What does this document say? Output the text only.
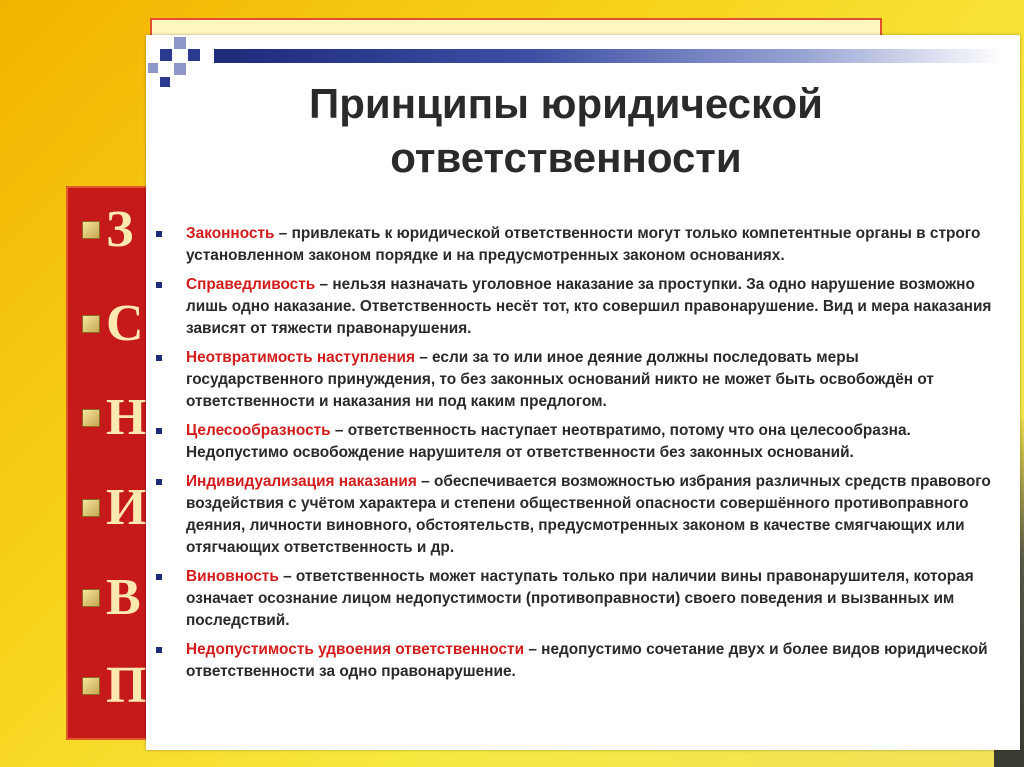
З
С
Н
И
В
П
Принципы юридической
ответственности
Законность – привлекать к юридической ответственности могут только компетентные органы в строго установленном законом порядке и на предусмотренных законом основаниях.
Справедливость – нельзя назначать уголовное наказание за проступки. За одно нарушение возможно лишь одно наказание. Ответственность несёт тот, кто совершил правонарушение. Вид и мера наказания зависят от тяжести правонарушения.
Неотвратимость наступления – если за то или иное деяние должны последовать меры государственного принуждения, то без законных оснований никто не может быть освобождён от ответственности и наказания ни под каким предлогом.
Целесообразность – ответственность наступает неотвратимо, потому что она целесообразна. Недопустимо освобождение нарушителя от ответственности без законных оснований.
Индивидуализация наказания – обеспечивается возможностью избрания различных средств правового воздействия с учётом характера и степени общественной опасности совершённого противоправного деяния, личности виновного, обстоятельств, предусмотренных законом в качестве смягчающих или отягчающих ответственность и др.
Виновность – ответственность может наступать только при наличии вины правонарушителя, которая означает осознание лицом недопустимости (противоправности) своего поведения и вызванных им последствий.
Недопустимость удвоения ответственности – недопустимо сочетание двух и более видов юридической ответственности за одно правонарушение.
